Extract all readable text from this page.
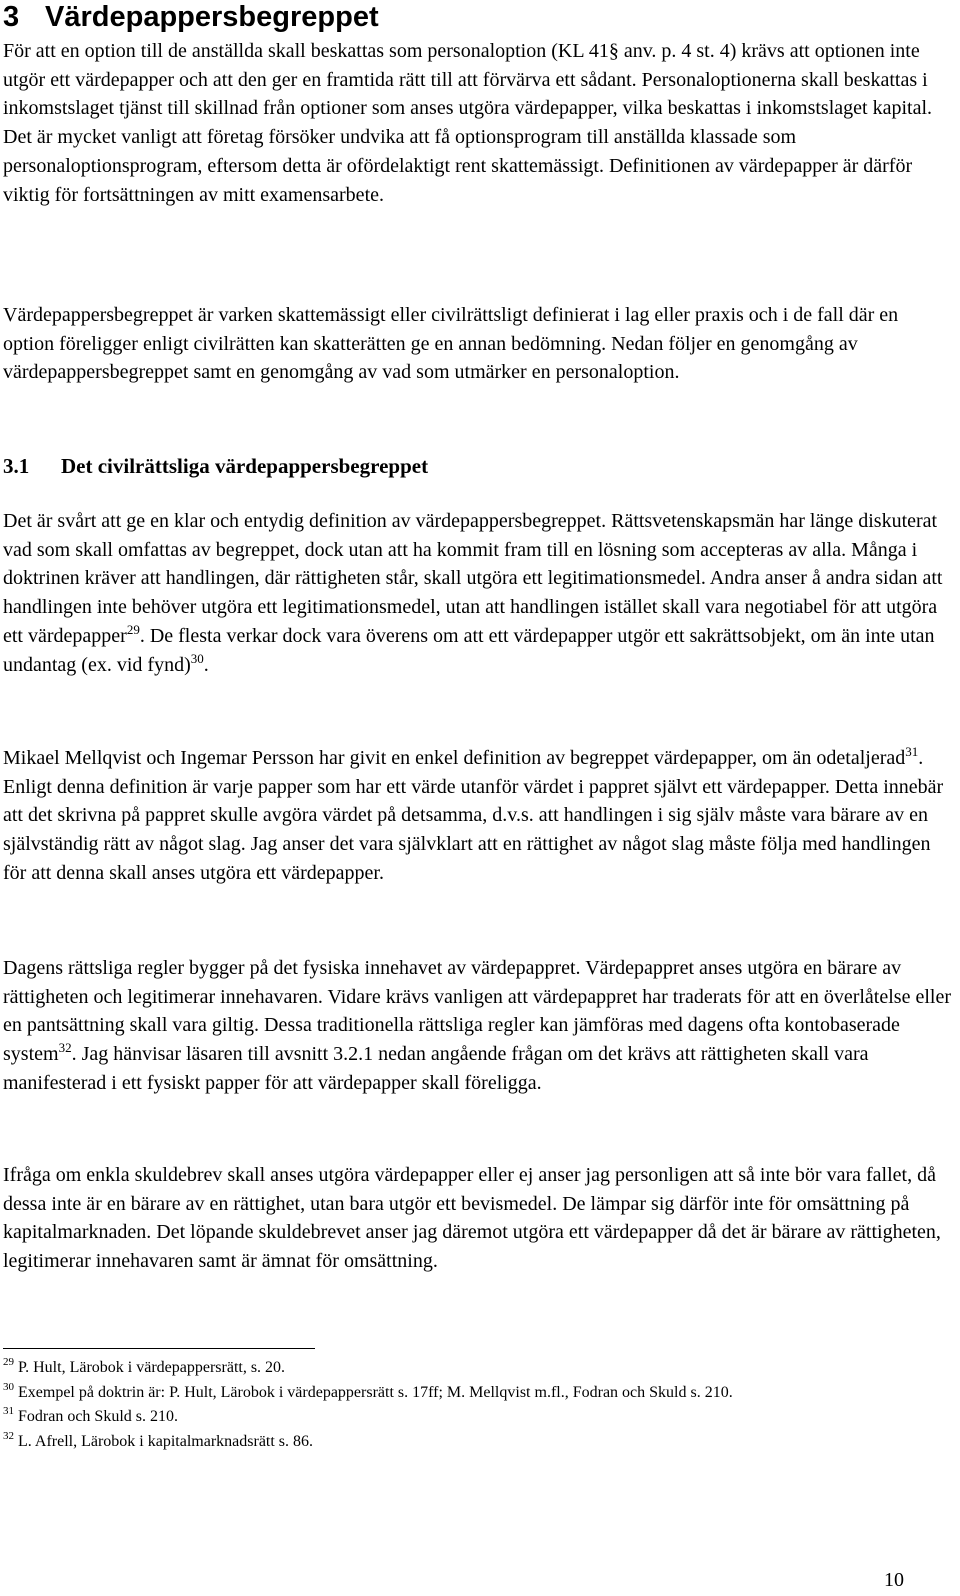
3 Värdepappersbegreppet

För att en option till de anställda skall beskattas som personaloption (KL 41§ anv. p. 4 st. 4) krävs att optionen inte utgör ett värdepapper och att den ger en framtida rätt till att förvärva ett sådant. Personaloptionerna skall beskattas i inkomstslaget tjänst till skillnad från optioner som anses utgöra värdepapper, vilka beskattas i inkomstslaget kapital. Det är mycket vanligt att företag försöker undvika att få optionsprogram till anställda klassade som personaloptionsprogram, eftersom detta är ofördelaktigt rent skattemässigt. Definitionen av värdepapper är därför viktig för fortsättningen av mitt examensarbete.

Värdepappersbegreppet är varken skattemässigt eller civilrättsligt definierat i lag eller praxis och i de fall där en option föreligger enligt civilrätten kan skatterätten ge en annan bedömning. Nedan följer en genomgång av värdepappersbegreppet samt en genomgång av vad som utmärker en personaloption.

3.1 Det civilrättsliga värdepappersbegreppet

Det är svårt att ge en klar och entydig definition av värdepappersbegreppet. Rättsvetenskapsmän har länge diskuterat vad som skall omfattas av begreppet, dock utan att ha kommit fram till en lösning som accepteras av alla. Många i doktrinen kräver att handlingen, där rättigheten står, skall utgöra ett legitimationsmedel. Andra anser å andra sidan att handlingen inte behöver utgöra ett legitimationsmedel, utan att handlingen istället skall vara negotiabel för att utgöra ett värdepapper$^{29}$. De flesta verkar dock vara överens om att ett värdepapper utgör ett sakrättsobjekt, om än inte utan undantag (ex. vid fynd)$^{30}$.

Mikael Mellqvist och Ingemar Persson har givit en enkel definition av begreppet värdepapper, om än odetaljerad$^{31}$. Enligt denna definition är varje papper som har ett värde utanför värdet i pappret självt ett värdepapper. Detta innebär att det skrivna på pappret skulle avgöra värdet på detsamma, d.v.s. att handlingen i sig själv måste vara bärare av en självständig rätt av något slag. Jag anser det vara självklart att en rättighet av något slag måste följa med handlingen för att denna skall anses utgöra ett värdepapper.

Dagens rättsliga regler bygger på det fysiska innehavet av värdepappret. Värdepappret anses utgöra en bärare av rättigheten och legitimerar innehavaren. Vidare krävs vanligen att värdepappret har traderats för att en överlåtelse eller en pantsättning skall vara giltig. Dessa traditionella rättsliga regler kan jämföras med dagens ofta kontobaserade system$^{32}$. Jag hänvisar läsaren till avsnitt 3.2.1 nedan angående frågan om det krävs att rättigheten skall vara manifesterad i ett fysiskt papper för att värdepapper skall föreligga.

Ifråga om enkla skuldebrev skall anses utgöra värdepapper eller ej anser jag personligen att så inte bör vara fallet, då dessa inte är en bärare av en rättighet, utan bara utgör ett bevismedel. De lämpar sig därför inte för omsättning på kapitalmarknaden. Det löpande skuldebrevet anser jag däremot utgöra ett värdepapper då det är bärare av rättigheten, legitimerar innehavaren samt är ämnat för omsättning.

$^{29}$ P. Hult, Lärobok i värdepappersrätt, s. 20.
$^{30}$ Exempel på doktrin är: P. Hult, Lärobok i värdepappersrätt s. 17ff; M. Mellqvist m.fl., Fodran och Skuld s. 210.
$^{31}$ Fodran och Skuld s. 210.
$^{32}$ L. Afrell, Lärobok i kapitalmarknadsrätt s. 86.
10
